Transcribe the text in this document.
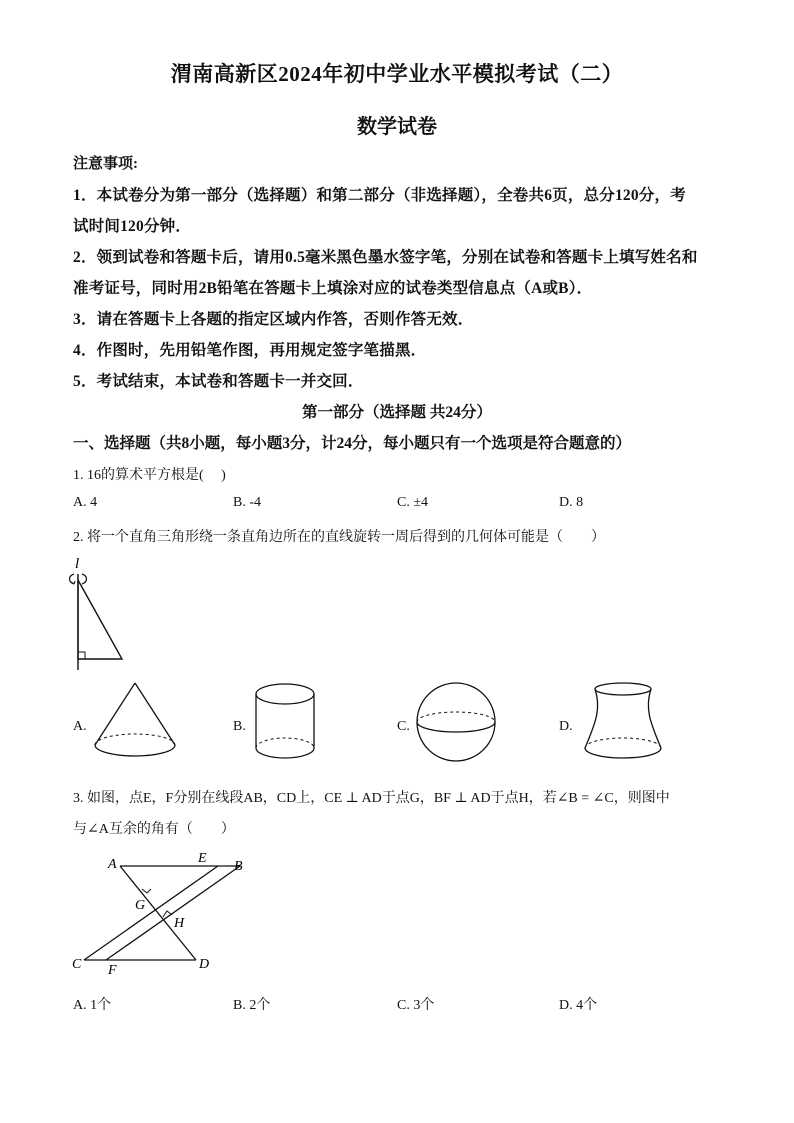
渭南高新区2024年初中学业水平模拟考试（二）
数学试卷
注意事项:
1．本试卷分为第一部分（选择题）和第二部分（非选择题），全卷共6页，总分120分，考
试时间120分钟．
2．领到试卷和答题卡后，请用0.5毫米黑色墨水签字笔，分别在试卷和答题卡上填写姓名和
准考证号，同时用2B铅笔在答题卡上填涂对应的试卷类型信息点（A或B）．
3．请在答题卡上各题的指定区域内作答，否则作答无效．
4．作图时，先用铅笔作图，再用规定签字笔描黑．
5．考试结束，本试卷和答题卡一并交回．
第一部分（选择题 共24分）
一、选择题（共8小题，每小题3分，计24分，每小题只有一个选项是符合题意的）
1. 16的算术平方根是(　 )
A. 4	B. -4	C. ±4	D. 8
2. 将一个直角三角形绕一条直角边所在的直线旋转一周后得到的几何体可能是（　　）
l
A.	B.	C.	D.
3. 如图，点E，F分别在线段AB，CD上，CE ⊥ AD于点G，BF ⊥ AD于点H，若∠B = ∠C，则图中
与∠A互余的角有（　　）
A	E
B
G
H
C F	D
A. 1个	B. 2个	C. 3个	D. 4个
